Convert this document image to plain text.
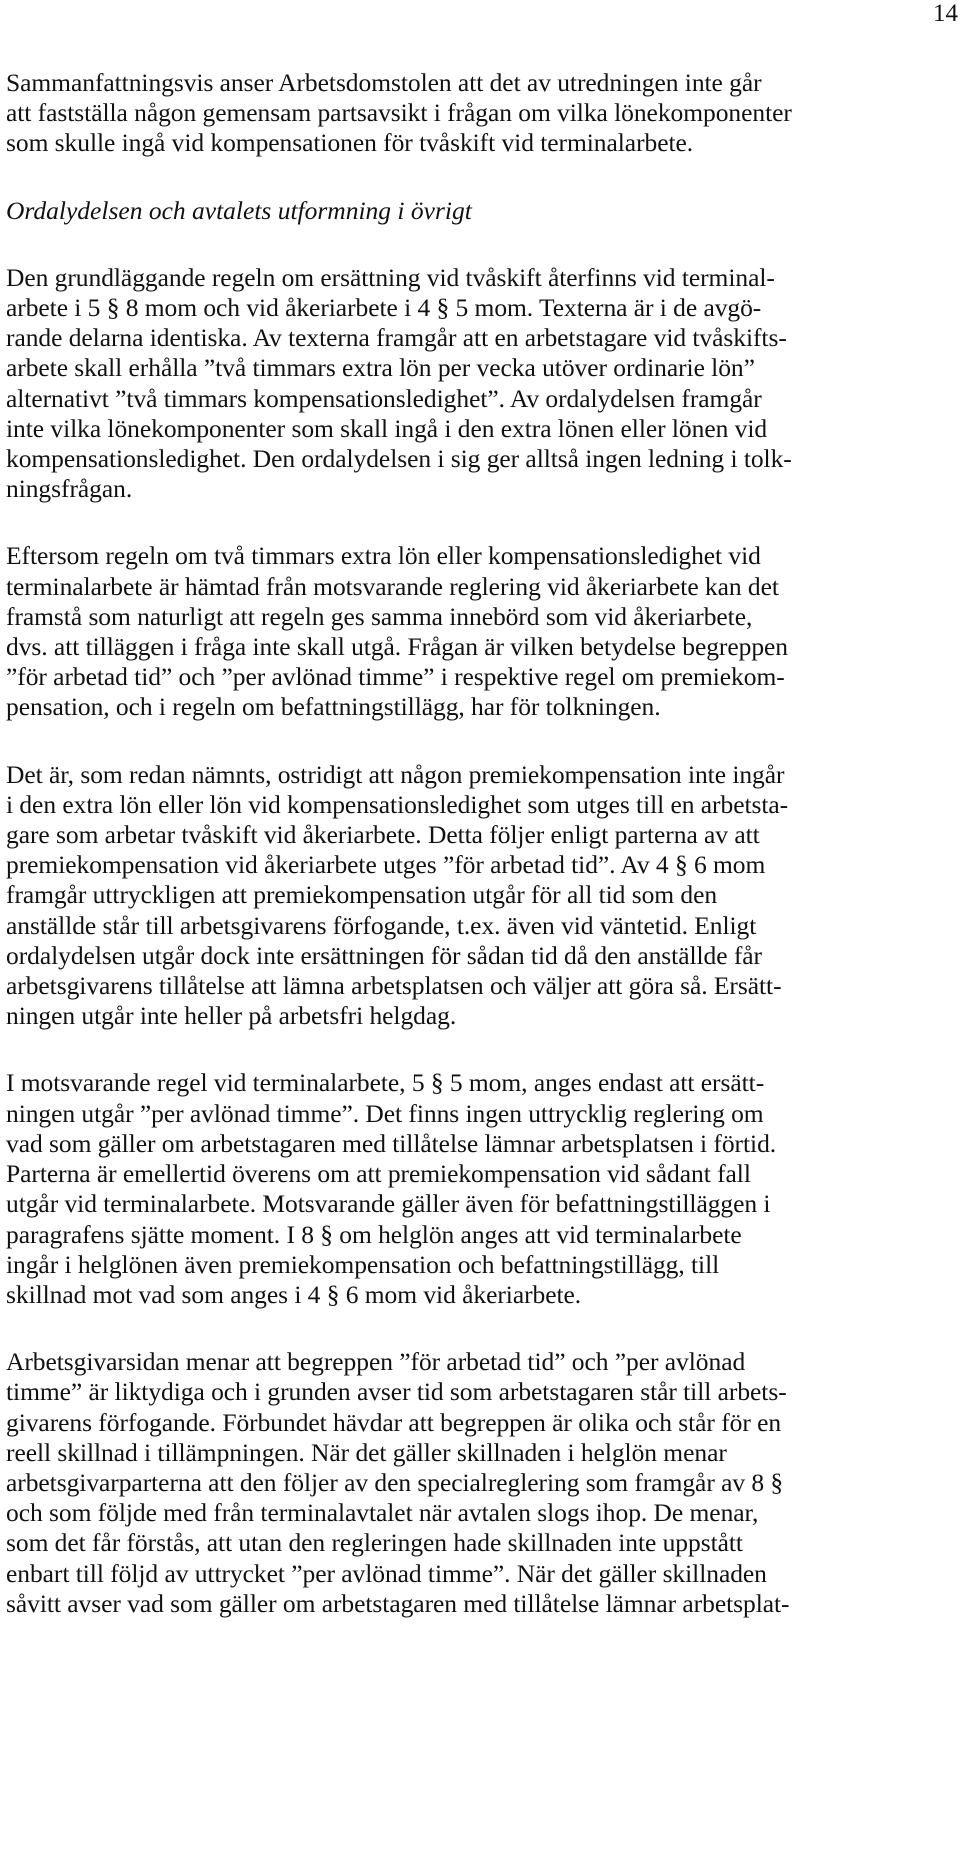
14
Sammanfattningsvis anser Arbetsdomstolen att det av utredningen inte går
att fastställa någon gemensam partsavsikt i frågan om vilka lönekomponenter
som skulle ingå vid kompensationen för tvåskift vid terminalarbete.
Ordalydelsen och avtalets utformning i övrigt
Den grundläggande regeln om ersättning vid tvåskift återfinns vid terminal-
arbete i 5 § 8 mom och vid åkeriarbete i 4 § 5 mom. Texterna är i de avgö-
rande delarna identiska. Av texterna framgår att en arbetstagare vid tvåskifts-
arbete skall erhålla ”två timmars extra lön per vecka utöver ordinarie lön”
alternativt ”två timmars kompensationsledighet”. Av ordalydelsen framgår
inte vilka lönekomponenter som skall ingå i den extra lönen eller lönen vid
kompensationsledighet. Den ordalydelsen i sig ger alltså ingen ledning i tolk-
ningsfrågan.
Eftersom regeln om två timmars extra lön eller kompensationsledighet vid
terminalarbete är hämtad från motsvarande reglering vid åkeriarbete kan det
framstå som naturligt att regeln ges samma innebörd som vid åkeriarbete,
dvs. att tilläggen i fråga inte skall utgå. Frågan är vilken betydelse begreppen
”för arbetad tid” och ”per avlönad timme” i respektive regel om premiekom-
pensation, och i regeln om befattningstillägg, har för tolkningen.
Det är, som redan nämnts, ostridigt att någon premiekompensation inte ingår
i den extra lön eller lön vid kompensationsledighet som utges till en arbetsta-
gare som arbetar tvåskift vid åkeriarbete. Detta följer enligt parterna av att
premiekompensation vid åkeriarbete utges ”för arbetad tid”. Av 4 § 6 mom
framgår uttryckligen att premiekompensation utgår för all tid som den
anställde står till arbetsgivarens förfogande, t.ex. även vid väntetid. Enligt
ordalydelsen utgår dock inte ersättningen för sådan tid då den anställde får
arbetsgivarens tillåtelse att lämna arbetsplatsen och väljer att göra så. Ersätt-
ningen utgår inte heller på arbetsfri helgdag.
I motsvarande regel vid terminalarbete, 5 § 5 mom, anges endast att ersätt-
ningen utgår ”per avlönad timme”. Det finns ingen uttrycklig reglering om
vad som gäller om arbetstagaren med tillåtelse lämnar arbetsplatsen i förtid.
Parterna är emellertid överens om att premiekompensation vid sådant fall
utgår vid terminalarbete. Motsvarande gäller även för befattningstilläggen i
paragrafens sjätte moment. I 8 § om helglön anges att vid terminalarbete
ingår i helglönen även premiekompensation och befattningstillägg, till
skillnad mot vad som anges i 4 § 6 mom vid åkeriarbete.
Arbetsgivarsidan menar att begreppen ”för arbetad tid” och ”per avlönad
timme” är liktydiga och i grunden avser tid som arbetstagaren står till arbets-
givarens förfogande. Förbundet hävdar att begreppen är olika och står för en
reell skillnad i tillämpningen. När det gäller skillnaden i helglön menar
arbetsgivarparterna att den följer av den specialreglering som framgår av 8 §
och som följde med från terminalavtalet när avtalen slogs ihop. De menar,
som det får förstås, att utan den regleringen hade skillnaden inte uppstått
enbart till följd av uttrycket ”per avlönad timme”. När det gäller skillnaden
såvitt avser vad som gäller om arbetstagaren med tillåtelse lämnar arbetsplat-
